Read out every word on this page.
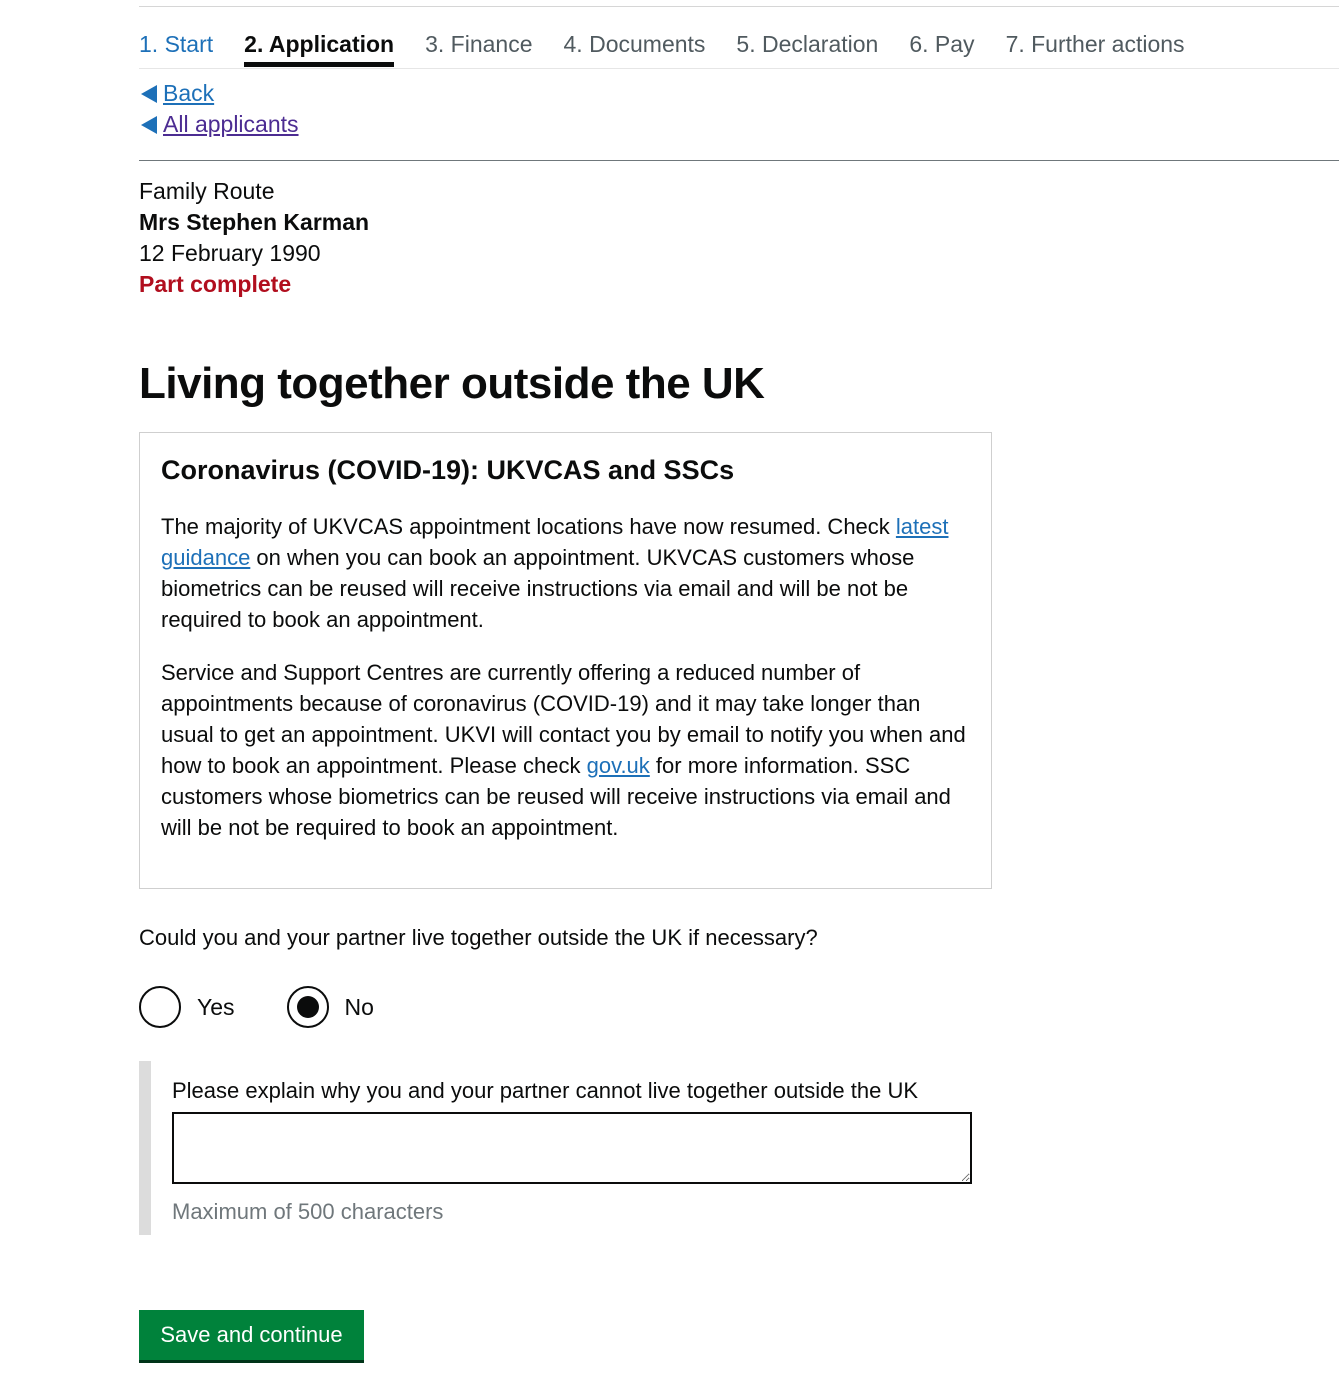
1. Start 2. Application 3. Finance 4. Documents 5. Declaration 6. Pay 7. Further actions
Back
All applicants
Family Route
Mrs Stephen Karman
12 February 1990
Part complete
Living together outside the UK
Coronavirus (COVID-19): UKVCAS and SSCs

The majority of UKVCAS appointment locations have now resumed. Check latest guidance on when you can book an appointment. UKVCAS customers whose biometrics can be reused will receive instructions via email and will be not be required to book an appointment.

Service and Support Centres are currently offering a reduced number of appointments because of coronavirus (COVID-19) and it may take longer than usual to get an appointment. UKVI will contact you by email to notify you when and how to book an appointment. Please check gov.uk for more information. SSC customers whose biometrics can be reused will receive instructions via email and will be not be required to book an appointment.

Could you and your partner live together outside the UK if necessary?
Yes	No
Please explain why you and your partner cannot live together outside the UK
Maximum of 500 characters
Save and continue
